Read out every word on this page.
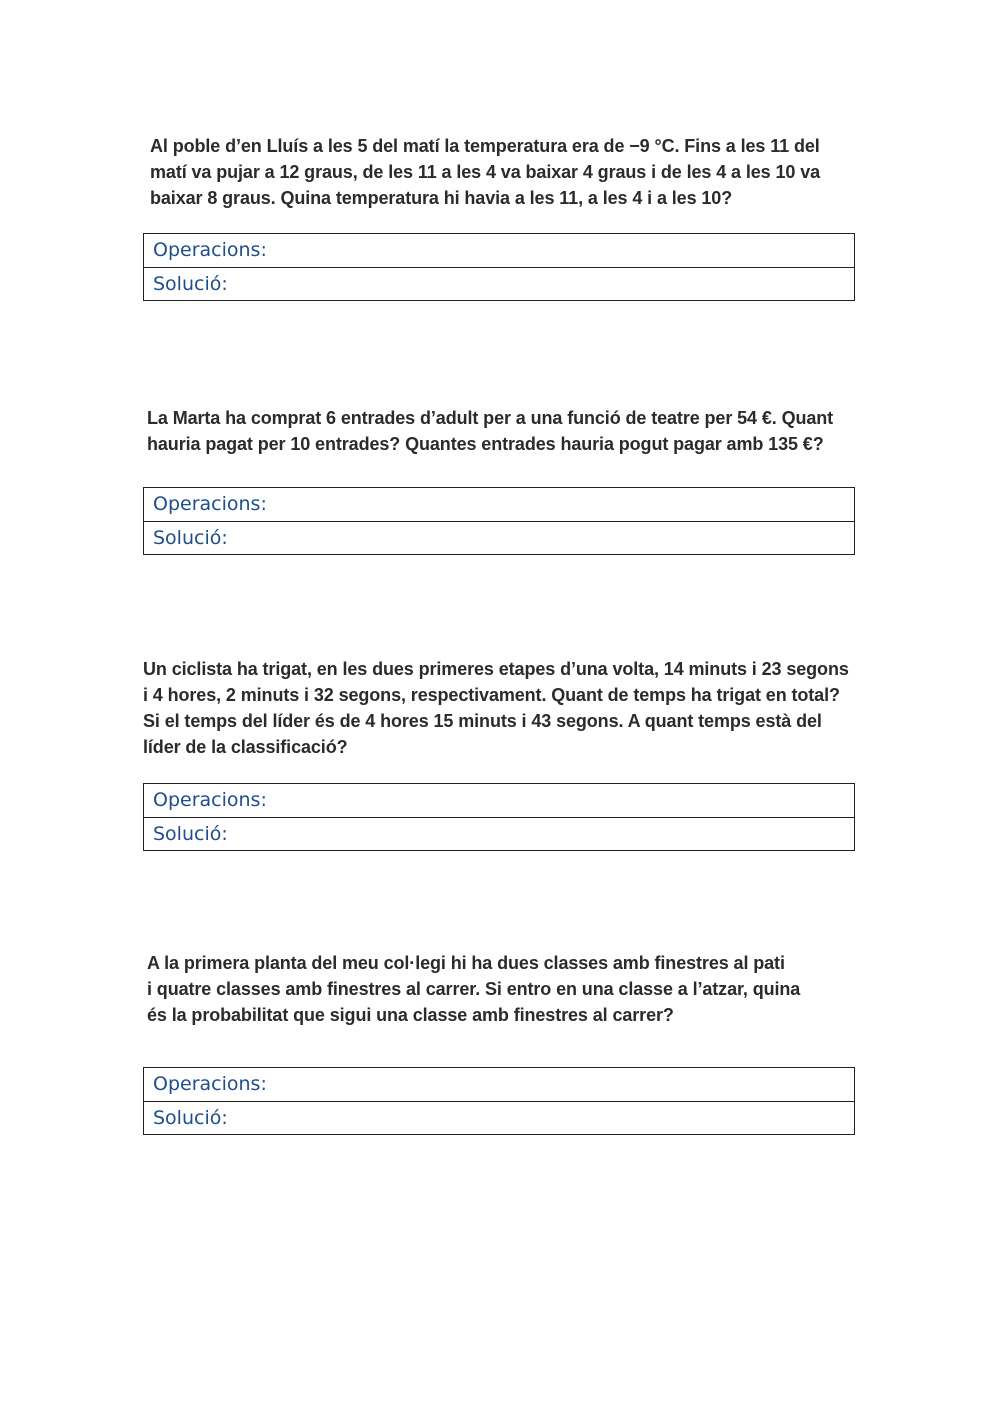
Al poble d’en Lluís a les 5 del matí la temperatura era de −9 °C. Fins a les 11 del
matí va pujar a 12 graus, de les 11 a les 4 va baixar 4 graus i de les 4 a les 10 va
baixar 8 graus. Quina temperatura hi havia a les 11, a les 4 i a les 10?

Operacions:
Solució:

La Marta ha comprat 6 entrades d’adult per a una funció de teatre per 54 €. Quant
hauria pagat per 10 entrades? Quantes entrades hauria pogut pagar amb 135 €?

Operacions:
Solució:

Un ciclista ha trigat, en les dues primeres etapes d’una volta, 14 minuts i 23 segons
i 4 hores, 2 minuts i 32 segons, respectivament. Quant de temps ha trigat en total?
Si el temps del líder és de 4 hores 15 minuts i 43 segons. A quant temps està del
líder de la classificació?

Operacions:
Solució:

A la primera planta del meu col·legi hi ha dues classes amb finestres al pati
i quatre classes amb finestres al carrer. Si entro en una classe a l’atzar, quina
és la probabilitat que sigui una classe amb finestres al carrer?

Operacions:
Solució:
